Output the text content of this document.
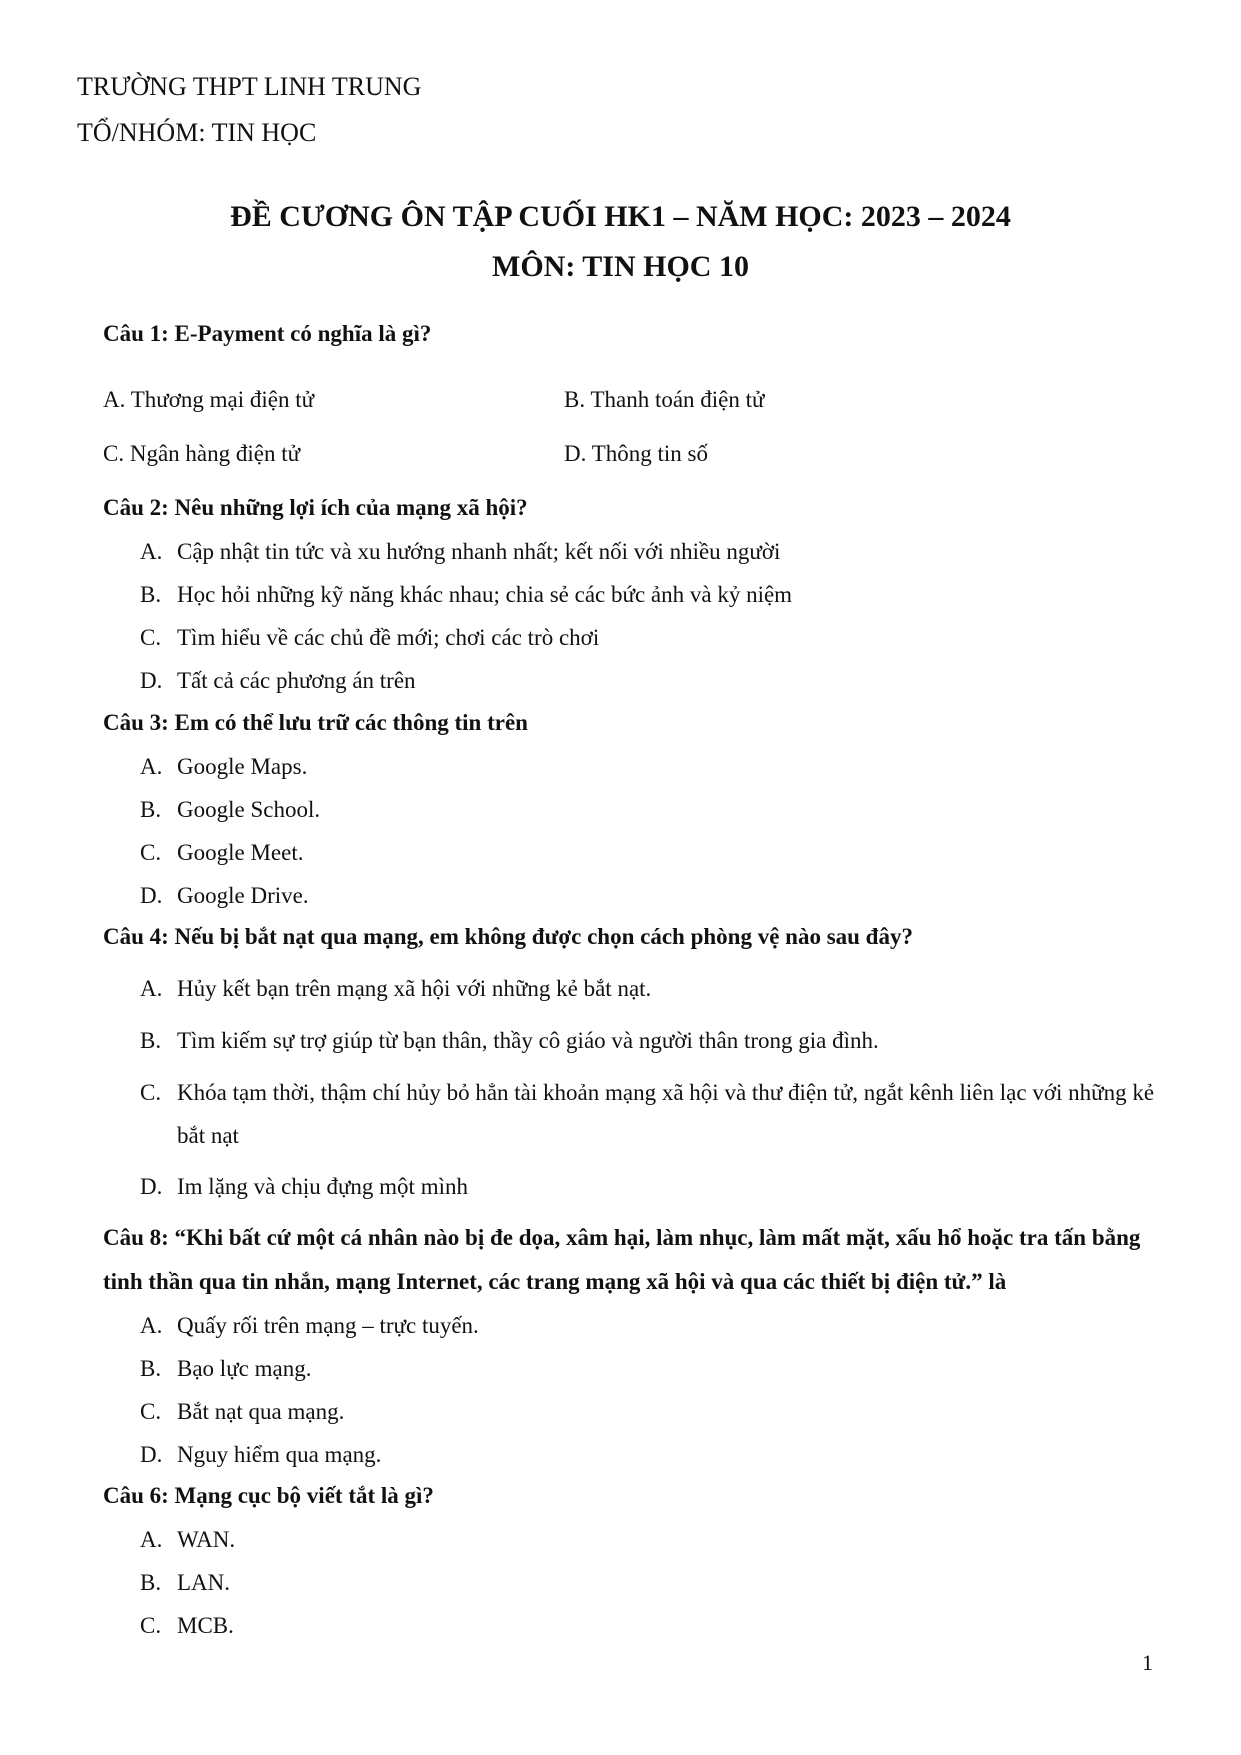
TRƯỜNG THPT LINH TRUNG
TỔ/NHÓM: TIN HỌC
ĐỀ CƯƠNG ÔN TẬP CUỐI HK1 – NĂM HỌC: 2023 – 2024
MÔN: TIN HỌC 10
Câu 1: E-Payment có nghĩa là gì?
A. Thương mại điện tử	B. Thanh toán điện tử
C. Ngân hàng điện tử	D. Thông tin số
Câu 2: Nêu những lợi ích của mạng xã hội?
A. Cập nhật tin tức và xu hướng nhanh nhất; kết nối với nhiều người
B. Học hỏi những kỹ năng khác nhau; chia sẻ các bức ảnh và kỷ niệm
C. Tìm hiểu về các chủ đề mới; chơi các trò chơi
D. Tất cả các phương án trên
Câu 3: Em có thể lưu trữ các thông tin trên
A. Google Maps.
B. Google School.
C. Google Meet.
D. Google Drive.
Câu 4: Nếu bị bắt nạt qua mạng, em không được chọn cách phòng vệ nào sau đây?
A. Hủy kết bạn trên mạng xã hội với những kẻ bắt nạt.
B. Tìm kiếm sự trợ giúp từ bạn thân, thầy cô giáo và người thân trong gia đình.
C. Khóa tạm thời, thậm chí hủy bỏ hẳn tài khoản mạng xã hội và thư điện tử, ngắt kênh liên lạc với những kẻ bắt nạt
D. Im lặng và chịu đựng một mình
Câu 8: “Khi bất cứ một cá nhân nào bị đe dọa, xâm hại, làm nhục, làm mất mặt, xấu hổ hoặc tra tấn bằng tinh thần qua tin nhắn, mạng Internet, các trang mạng xã hội và qua các thiết bị điện tử.” là
A. Quấy rối trên mạng – trực tuyến.
B. Bạo lực mạng.
C. Bắt nạt qua mạng.
D. Nguy hiểm qua mạng.
Câu 6: Mạng cục bộ viết tắt là gì?
A. WAN.
B. LAN.
C. MCB.
1
